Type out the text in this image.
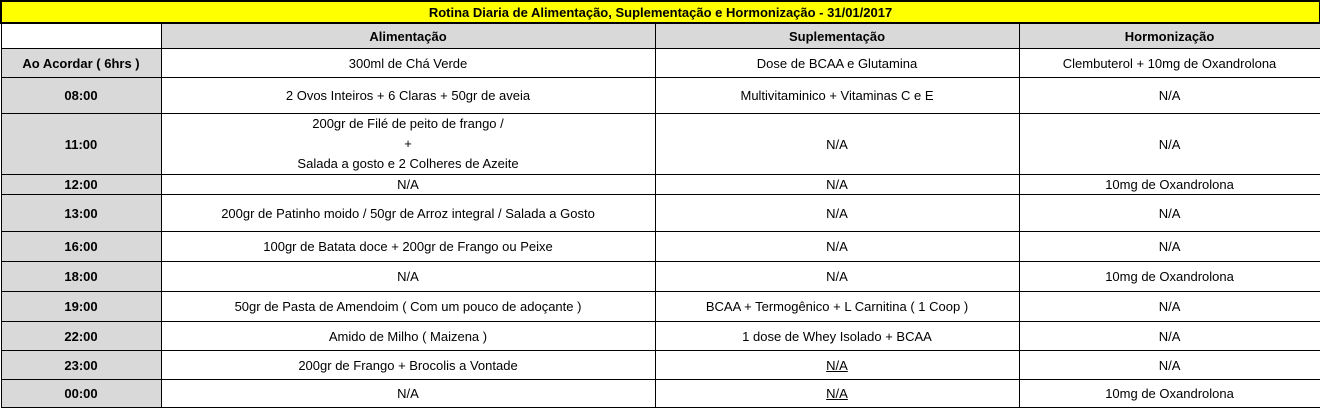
Rotina Diaria de Alimentação, Suplementação e Hormonização - 31/01/2017			
	Alimentação	Suplementação	Hormonização
Ao Acordar ( 6hrs )	300ml de Chá Verde	Dose de BCAA e Glutamina	Clembuterol + 10mg de Oxandrolona
08:00	2 Ovos Inteiros + 6 Claras + 50gr de aveia	Multivitaminico + Vitaminas C e E	N/A
11:00	200gr de Filé de peito de frango /
+
Salada a gosto e 2 Colheres de Azeite	N/A	N/A
12:00	N/A	N/A	10mg de Oxandrolona
13:00	200gr de Patinho moido / 50gr de Arroz integral / Salada a Gosto	N/A	N/A
16:00	100gr de Batata doce + 200gr de Frango ou Peixe	N/A	N/A
18:00	N/A	N/A	10mg de Oxandrolona
19:00	50gr de Pasta de Amendoim ( Com um pouco de adoçante )	BCAA + Termogênico + L Carnitina ( 1 Coop )	N/A
22:00	Amido de Milho ( Maizena )	1 dose de Whey Isolado + BCAA	N/A
23:00	200gr de Frango + Brocolis a Vontade	N/A	N/A
00:00	N/A	N/A	10mg de Oxandrolona
